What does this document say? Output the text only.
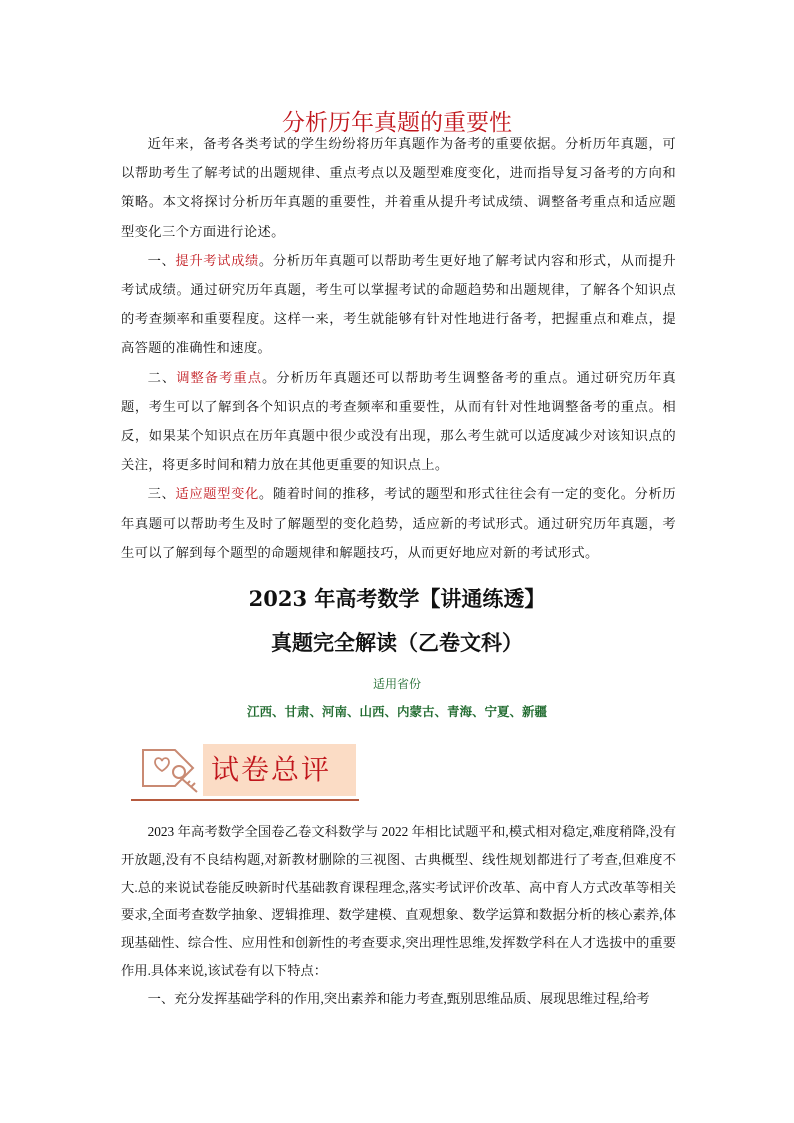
分析历年真题的重要性

近年来，备考各类考试的学生纷纷将历年真题作为备考的重要依据。分析历年真题，可以帮助考生了解考试的出题规律、重点考点以及题型难度变化，进而指导复习备考的方向和策略。本文将探讨分析历年真题的重要性，并着重从提升考试成绩、调整备考重点和适应题型变化三个方面进行论述。

一、提升考试成绩。分析历年真题可以帮助考生更好地了解考试内容和形式，从而提升考试成绩。通过研究历年真题，考生可以掌握考试的命题趋势和出题规律，了解各个知识点的考查频率和重要程度。这样一来，考生就能够有针对性地进行备考，把握重点和难点，提高答题的准确性和速度。

二、调整备考重点。分析历年真题还可以帮助考生调整备考的重点。通过研究历年真题，考生可以了解到各个知识点的考查频率和重要性，从而有针对性地调整备考的重点。相反，如果某个知识点在历年真题中很少或没有出现，那么考生就可以适度减少对该知识点的关注，将更多时间和精力放在其他更重要的知识点上。

三、适应题型变化。随着时间的推移，考试的题型和形式往往会有一定的变化。分析历年真题可以帮助考生及时了解题型的变化趋势，适应新的考试形式。通过研究历年真题，考生可以了解到每个题型的命题规律和解题技巧，从而更好地应对新的考试形式。

2023 年高考数学【讲通练透】
真题完全解读（乙卷文科）
适用省份
江西、甘肃、河南、山西、内蒙古、青海、宁夏、新疆
试卷总评

2023 年高考数学全国卷乙卷文科数学与 2022 年相比试题平和,模式相对稳定,难度稍降,没有开放题,没有不良结构题,对新教材删除的三视图、古典概型、线性规划都进行了考查,但难度不大.总的来说试卷能反映新时代基础教育课程理念,落实考试评价改革、高中育人方式改革等相关要求,全面考查数学抽象、逻辑推理、数学建模、直观想象、数学运算和数据分析的核心素养,体现基础性、综合性、应用性和创新性的考查要求,突出理性思维,发挥数学科在人才选拔中的重要作用.具体来说,该试卷有以下特点：

一、充分发挥基础学科的作用,突出素养和能力考查,甄别思维品质、展现思维过程,给考
